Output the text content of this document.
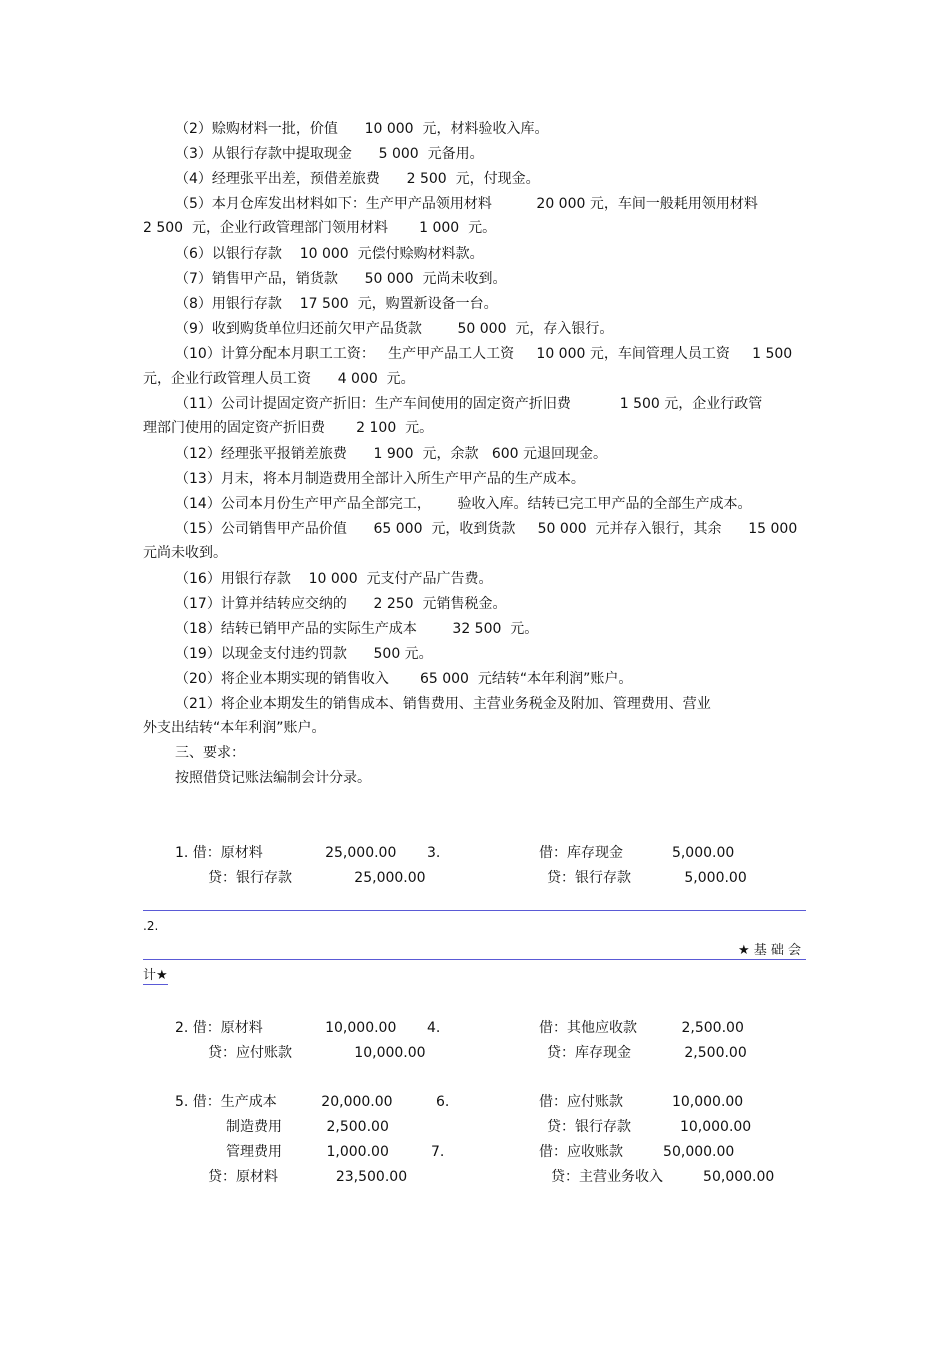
（2）赊购材料一批，价值      10 000  元，材料验收入库。
（3）从银行存款中提取现金      5 000  元备用。
（4）经理张平出差，预借差旅费      2 500  元，付现金。
（5）本月仓库发出材料如下：生产甲产品领用材料          20 000 元，车间一般耗用领用材料
2 500  元，企业行政管理部门领用材料       1 000  元。
（6）以银行存款    10 000  元偿付赊购材料款。
（7）销售甲产品，销货款      50 000  元尚未收到。
（8）用银行存款    17 500  元，购置新设备一台。
（9）收到购货单位归还前欠甲产品货款        50 000  元，存入银行。
（10）计算分配本月职工工资：   生产甲产品工人工资     10 000 元，车间管理人员工资     1 500
元，企业行政管理人员工资      4 000  元。
（11）公司计提固定资产折旧：生产车间使用的固定资产折旧费           1 500 元，企业行政管
理部门使用的固定资产折旧费       2 100  元。
（12）经理张平报销差旅费      1 900  元，余款   600 元退回现金。
（13）月末，将本月制造费用全部计入所生产甲产品的生产成本。
（14）公司本月份生产甲产品全部完工，      验收入库。结转已完工甲产品的全部生产成本。
（15）公司销售甲产品价值      65 000  元，收到货款     50 000  元并存入银行，其余      15 000
元尚未收到。
（16）用银行存款    10 000  元支付产品广告费。
（17）计算并结转应交纳的      2 250  元销售税金。
（18）结转已销甲产品的实际生产成本        32 500  元。
（19）以现金支付违约罚款      500 元。
（20）将企业本期实现的销售收入       65 000  元结转“本年利润”账户。
（21）将企业本期发生的销售成本、销售费用、主营业务税金及附加、管理费用、营业
外支出结转“本年利润”账户。
三、要求：
按照借贷记账法编制会计分录。
1. 借：原材料              25,000.00
贷：银行存款              25,000.00
3.	借：库存现金           5,000.00
贷：银行存款            5,000.00
.2.
★ 基 础 会
计★
2. 借：原材料              10,000.00
贷：应付账款              10,000.00
4.	借：其他应收款          2,500.00
贷：库存现金            2,500.00
5. 借：生产成本          20,000.00
制造费用          2,500.00
管理费用          1,000.00
贷：原材料             23,500.00
6.	借：应付账款           10,000.00
贷：银行存款           10,000.00
7.	借：应收账款         50,000.00
贷：主营业务收入         50,000.00
